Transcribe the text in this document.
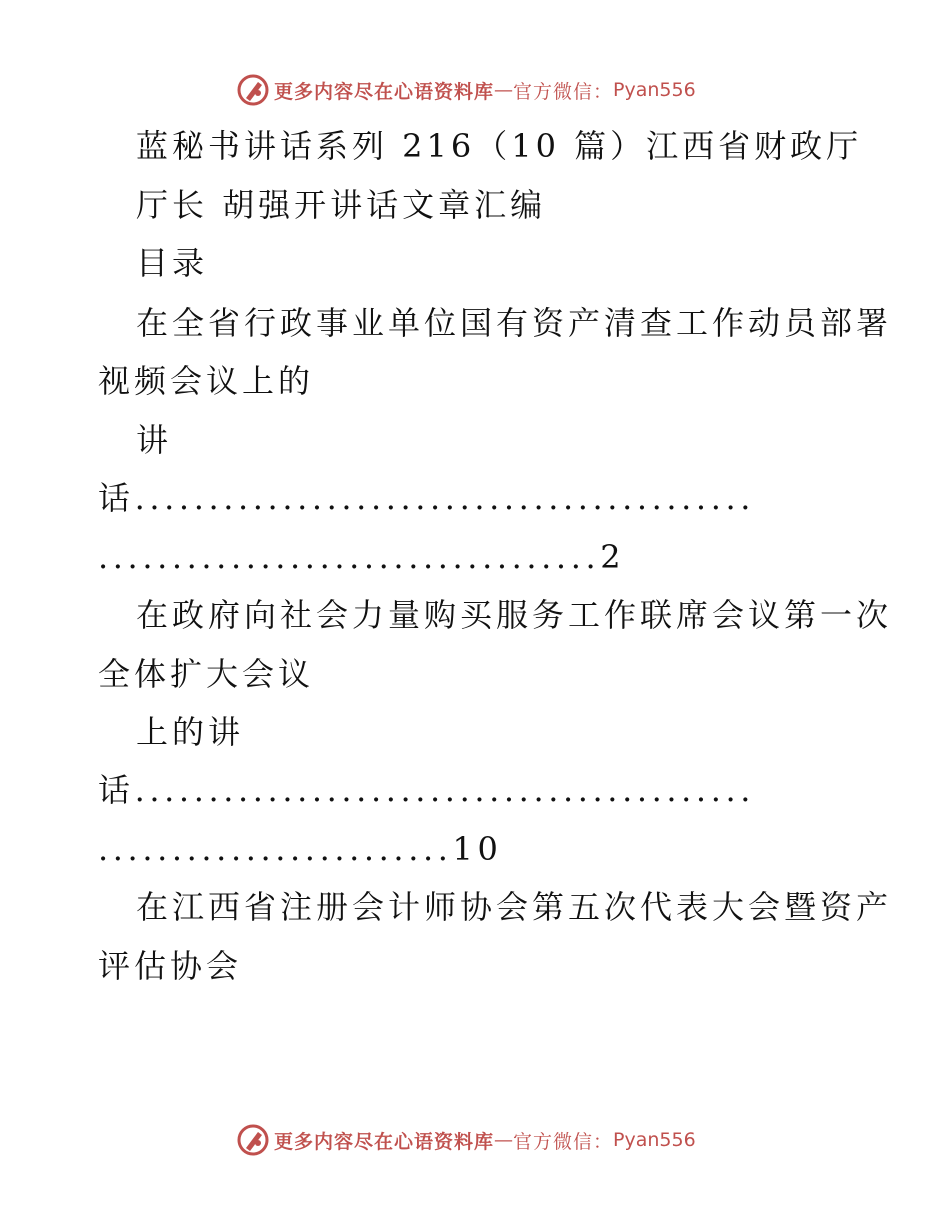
更多内容尽在心语资料库 — 官方微信： Pyan556
蓝秘书讲话系列 216（10 篇）江西省财政厅
厅长 胡强开讲话文章汇编
目录
在全省行政事业单位国有资产清查工作动员部署
视频会议上的
讲
话..........................................
..................................2
在政府向社会力量购买服务工作联席会议第一次
全体扩大会议
上的讲
话..........................................
........................10
在江西省注册会计师协会第五次代表大会暨资产
评估协会
更多内容尽在心语资料库 — 官方微信： Pyan556
